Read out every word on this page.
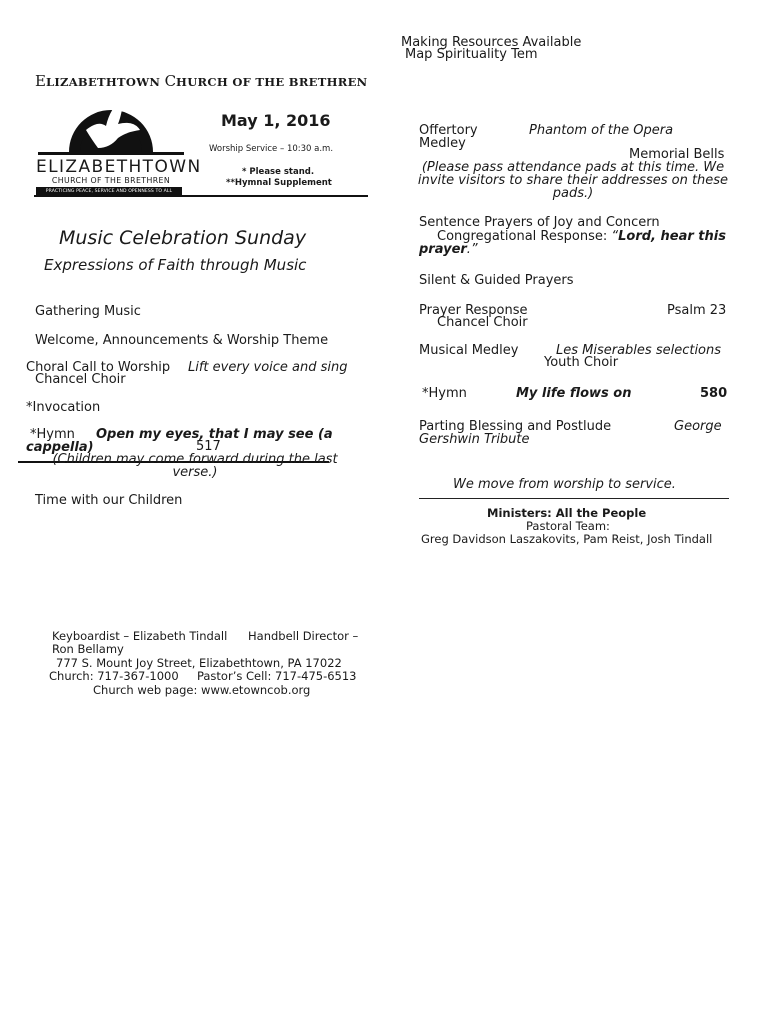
Making Resources Available
Map Spirituality Tem
ELIZABETHTOWN CHURCH OF THE BRETHREN
ELIZABETHTOWN
CHURCH OF THE BRETHREN
PRACTICING PEACE, SERVICE AND OPENNESS TO ALL
May 1, 2016
Worship Service – 10:30 a.m.
* Please stand.
**Hymnal Supplement
Music Celebration Sunday
Expressions of Faith through Music
Gathering Music
Welcome, Announcements & Worship Theme
Choral Call to Worship Lift every voice and sing
Chancel Choir
*Invocation
*Hymn	Open my eyes, that I may see (a cappella)	517
(Children may come forward during the last verse.)
Time with our Children
Offertory Medley
Phantom of the Opera
Memorial Bells
(Please pass attendance pads at this time. We invite visitors to share their addresses on these pads.)
Sentence Prayers of Joy and Concern
Congregational Response: “Lord, hear this prayer.”
Silent & Guided Prayers
Prayer Response	Psalm 23
Chancel Choir
Musical Medley	Les Miserables selections
Youth Choir
*Hymn	My life flows on	580
Parting Blessing and Postlude	George Gershwin Tribute
We move from worship to service.
Ministers: All the People
Pastoral Team:
Greg Davidson Laszakovits, Pam Reist, Josh Tindall
Keyboardist – Elizabeth Tindall Handbell Director –
Ron Bellamy
777 S. Mount Joy Street, Elizabethtown, PA 17022
Church: 717-367-1000     Pastor’s Cell: 717-475-6513
Church web page: www.etowncob.org
